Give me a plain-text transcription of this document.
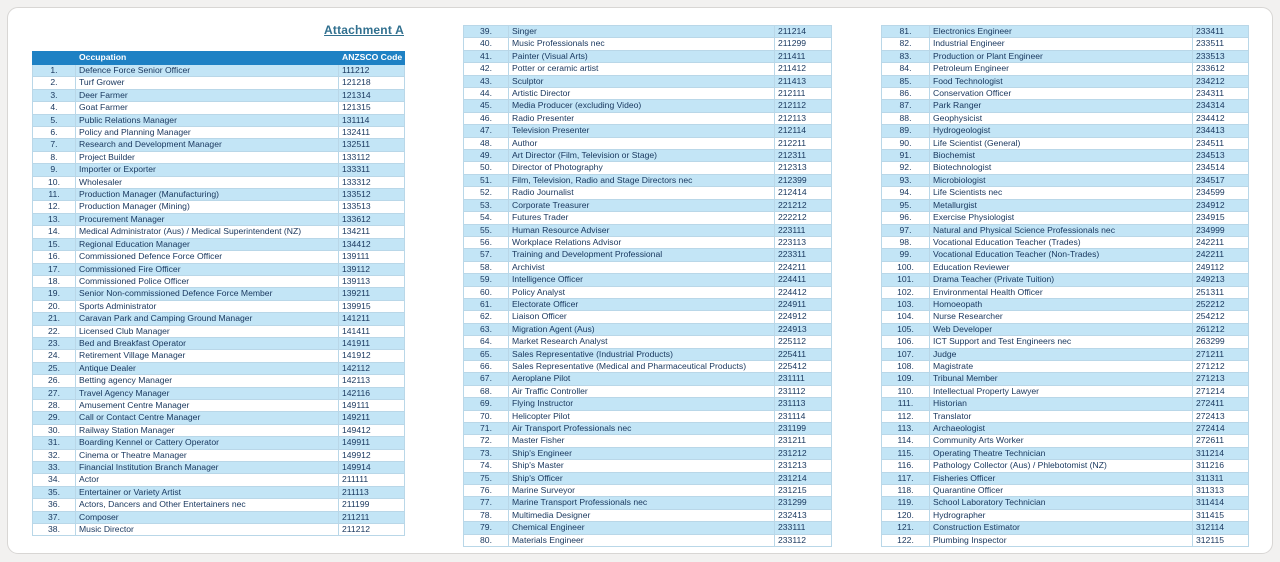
Attachment A
	Occupation	ANZSCO Code
1.	Defence Force Senior Officer	111212
2.	Turf Grower	121218
3.	Deer Farmer	121314
4.	Goat Farmer	121315
5.	Public Relations Manager	131114
6.	Policy and Planning Manager	132411
7.	Research and Development Manager	132511
8.	Project Builder	133112
9.	Importer or Exporter	133311
10.	Wholesaler	133312
11.	Production Manager (Manufacturing)	133512
12.	Production Manager (Mining)	133513
13.	Procurement Manager	133612
14.	Medical Administrator (Aus) / Medical Superintendent (NZ)	134211
15.	Regional Education Manager	134412
16.	Commissioned Defence Force Officer	139111
17.	Commissioned Fire Officer	139112
18.	Commissioned Police Officer	139113
19.	Senior Non-commissioned Defence Force Member	139211
20.	Sports Administrator	139915
21.	Caravan Park and Camping Ground Manager	141211
22.	Licensed Club Manager	141411
23.	Bed and Breakfast Operator	141911
24.	Retirement Village Manager	141912
25.	Antique Dealer	142112
26.	Betting agency Manager	142113
27.	Travel Agency Manager	142116
28.	Amusement Centre Manager	149111
29.	Call or Contact Centre Manager	149211
30.	Railway Station Manager	149412
31.	Boarding Kennel or Cattery Operator	149911
32.	Cinema or Theatre Manager	149912
33.	Financial Institution Branch Manager	149914
34.	Actor	211111
35.	Entertainer or Variety Artist	211113
36.	Actors, Dancers and Other Entertainers nec	211199
37.	Composer	211211
38.	Music Director	211212
39.	Singer	211214
40.	Music Professionals nec	211299
41.	Painter (Visual Arts)	211411
42.	Potter or ceramic artist	211412
43.	Sculptor	211413
44.	Artistic Director	212111
45.	Media Producer (excluding Video)	212112
46.	Radio Presenter	212113
47.	Television Presenter	212114
48.	Author	212211
49.	Art Director (Film, Television or Stage)	212311
50.	Director of Photography	212313
51.	Film, Television, Radio and Stage Directors nec	212399
52.	Radio Journalist	212414
53.	Corporate Treasurer	221212
54.	Futures Trader	222212
55.	Human Resource Adviser	223111
56.	Workplace Relations Advisor	223113
57.	Training and Development Professional	223311
58.	Archivist	224211
59.	Intelligence Officer	224411
60.	Policy Analyst	224412
61.	Electorate Officer	224911
62.	Liaison Officer	224912
63.	Migration Agent (Aus)	224913
64.	Market Research Analyst	225112
65.	Sales Representative (Industrial Products)	225411
66.	Sales Representative (Medical and Pharmaceutical Products)	225412
67.	Aeroplane Pilot	231111
68.	Air Traffic Controller	231112
69.	Flying Instructor	231113
70.	Helicopter Pilot	231114
71.	Air Transport Professionals nec	231199
72.	Master Fisher	231211
73.	Ship's Engineer	231212
74.	Ship's Master	231213
75.	Ship's Officer	231214
76.	Marine Surveyor	231215
77.	Marine Transport Professionals nec	231299
78.	Multimedia Designer	232413
79.	Chemical Engineer	233111
80.	Materials Engineer	233112
81.	Electronics Engineer	233411
82.	Industrial Engineer	233511
83.	Production or Plant Engineer	233513
84.	Petroleum Engineer	233612
85.	Food Technologist	234212
86.	Conservation Officer	234311
87.	Park Ranger	234314
88.	Geophysicist	234412
89.	Hydrogeologist	234413
90.	Life Scientist (General)	234511
91.	Biochemist	234513
92.	Biotechnologist	234514
93.	Microbiologist	234517
94.	Life Scientists nec	234599
95.	Metallurgist	234912
96.	Exercise Physiologist	234915
97.	Natural and Physical Science Professionals nec	234999
98.	Vocational Education Teacher (Trades)	242211
99.	Vocational Education Teacher (Non-Trades)	242211
100.	Education Reviewer	249112
101.	Drama Teacher (Private Tuition)	249213
102.	Environmental Health Officer	251311
103.	Homoeopath	252212
104.	Nurse Researcher	254212
105.	Web Developer	261212
106.	ICT Support and Test Engineers nec	263299
107.	Judge	271211
108.	Magistrate	271212
109.	Tribunal Member	271213
110.	Intellectual Property Lawyer	271214
111.	Historian	272411
112.	Translator	272413
113.	Archaeologist	272414
114.	Community Arts Worker	272611
115.	Operating Theatre Technician	311214
116.	Pathology Collector (Aus) / Phlebotomist (NZ)	311216
117.	Fisheries Officer	311311
118.	Quarantine Officer	311313
119.	School Laboratory Technician	311414
120.	Hydrographer	311415
121.	Construction Estimator	312114
122.	Plumbing Inspector	312115
